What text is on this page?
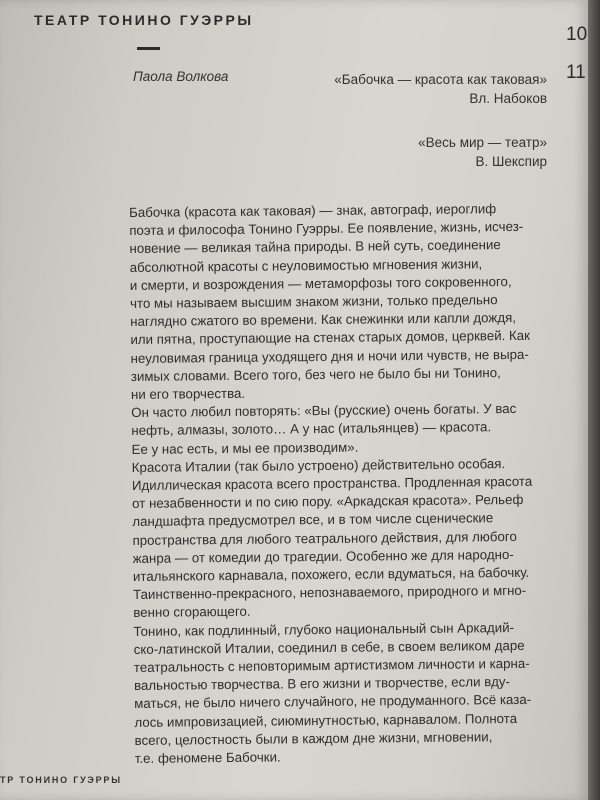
ТЕАТР ТОНИНО ГУЭРРЫ
10
11
Паола Волкова	«Бабочка — красота как таковая»
Вл. Набоков
«Весь мир — театр»
В. Шекспир
Бабочка (красота как таковая) — знак, автограф, иероглиф
поэта и философа Тонино Гуэрры. Ее появление, жизнь, исчез-
новение — великая тайна природы. В ней суть, соединение
абсолютной красоты с неуловимостью мгновения жизни,
и смерти, и возрождения — метаморфозы того сокровенного,
что мы называем высшим знаком жизни, только предельно
наглядно сжатого во времени. Как снежинки или капли дождя,
или пятна, проступающие на стенах старых домов, церквей. Как
неуловимая граница уходящего дня и ночи или чувств, не выра-
зимых словами. Всего того, без чего не было бы ни Тонино,
ни его творчества.
Он часто любил повторять: «Вы (русские) очень богаты. У вас
нефть, алмазы, золото… А у нас (итальянцев) — красота.
Ее у нас есть, и мы ее производим».
Красота Италии (так было устроено) действительно особая.
Идиллическая красота всего пространства. Продленная красота
от незабвенности и по сию пору. «Аркадская красота». Рельеф
ландшафта предусмотрел все, и в том числе сценические
пространства для любого театрального действия, для любого
жанра — от комедии до трагедии. Особенно же для народно-
итальянского карнавала, похожего, если вдуматься, на бабочку.
Таинственно-прекрасного, непознаваемого, природного и мгно-
венно сгорающего.
Тонино, как подлинный, глубоко национальный сын Аркадий-
ско-латинской Италии, соединил в себе, в своем великом даре
театральность с неповторимым артистизмом личности и карна-
вальностью творчества. В его жизни и творчестве, если вду-
маться, не было ничего случайного, не продуманного. Всё каза-
лось импровизацией, сиюминутностью, карнавалом. Полнота
всего, целостность были в каждом дне жизни, мгновении,
т.е. феномене Бабочки.
ТР ТОНИНО ГУЭРРЫ
